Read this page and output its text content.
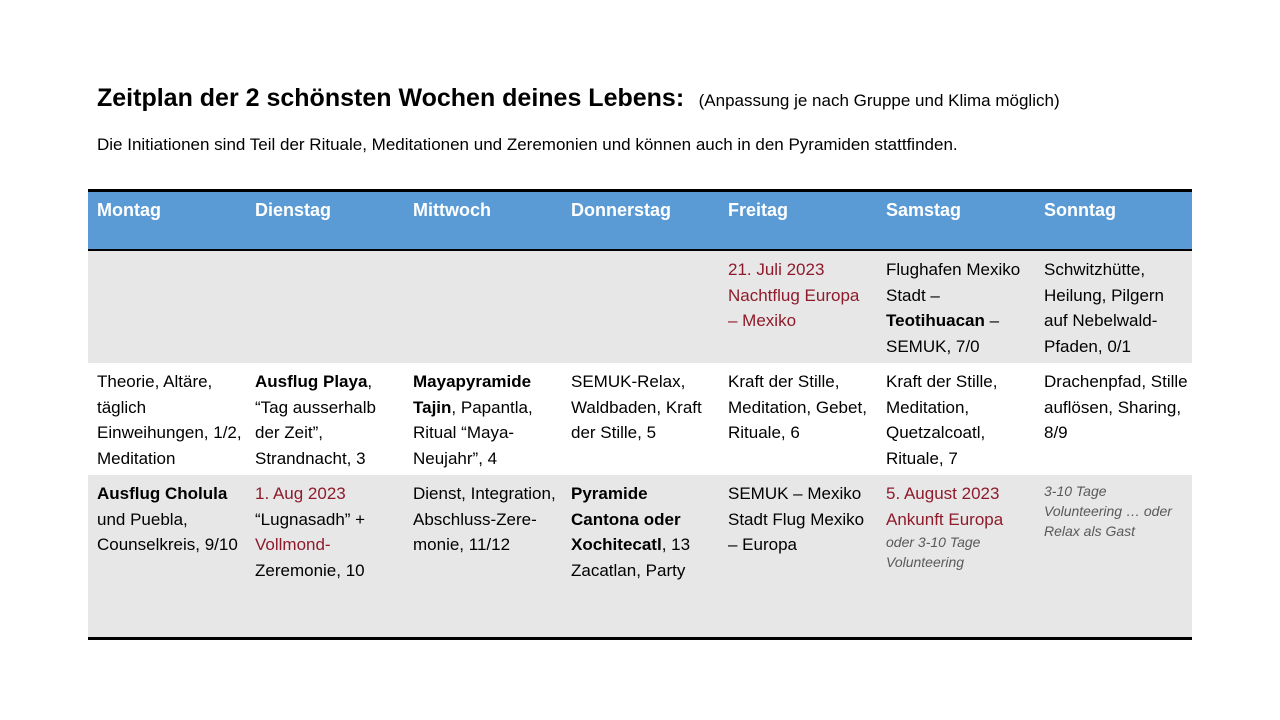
Zeitplan der 2 schönsten Wochen deines Lebens: (Anpassung je nach Gruppe und Klima möglich)
Die Initiationen sind Teil der Rituale, Meditationen und Zeremonien und können auch in den Pyramiden stattfinden.
Montag	Dienstag	Mittwoch	Donnerstag	Freitag	Samstag	Sonntag
				21. Juli 2023 Nachtflug Europa – Mexiko	Flughafen Mexiko Stadt – Teotihuacan – SEMUK, 7/0	Schwitzhütte, Heilung, Pilgern auf Nebelwald-Pfaden, 0/1
Theorie, Altäre, täglich Einweihungen, 1/2, Meditation	Ausflug Playa, “Tag ausserhalb der Zeit”, Strandnacht, 3	Mayapyramide Tajin, Papantla, Ritual “Maya-Neujahr”, 4	SEMUK-Relax, Waldbaden, Kraft der Stille, 5	Kraft der Stille, Meditation, Gebet, Rituale, 6	Kraft der Stille, Meditation, Quetzalcoatl, Rituale, 7	Drachenpfad, Stille auflösen, Sharing, 8/9
Ausflug Cholula und Puebla, Counselkreis, 9/10	1. Aug 2023
“Lugnasadh” +
Vollmond-
Zeremonie, 10	Dienst, Integration, Abschluss-Zere-monie, 11/12	Pyramide Cantona oder Xochitecatl, 13 Zacatlan, Party	SEMUK – Mexiko Stadt Flug Mexiko – Europa	5. August 2023 Ankunft Europa
oder 3-10 Tage Volunteering	3-10 Tage Volunteering … oder Relax als Gast
